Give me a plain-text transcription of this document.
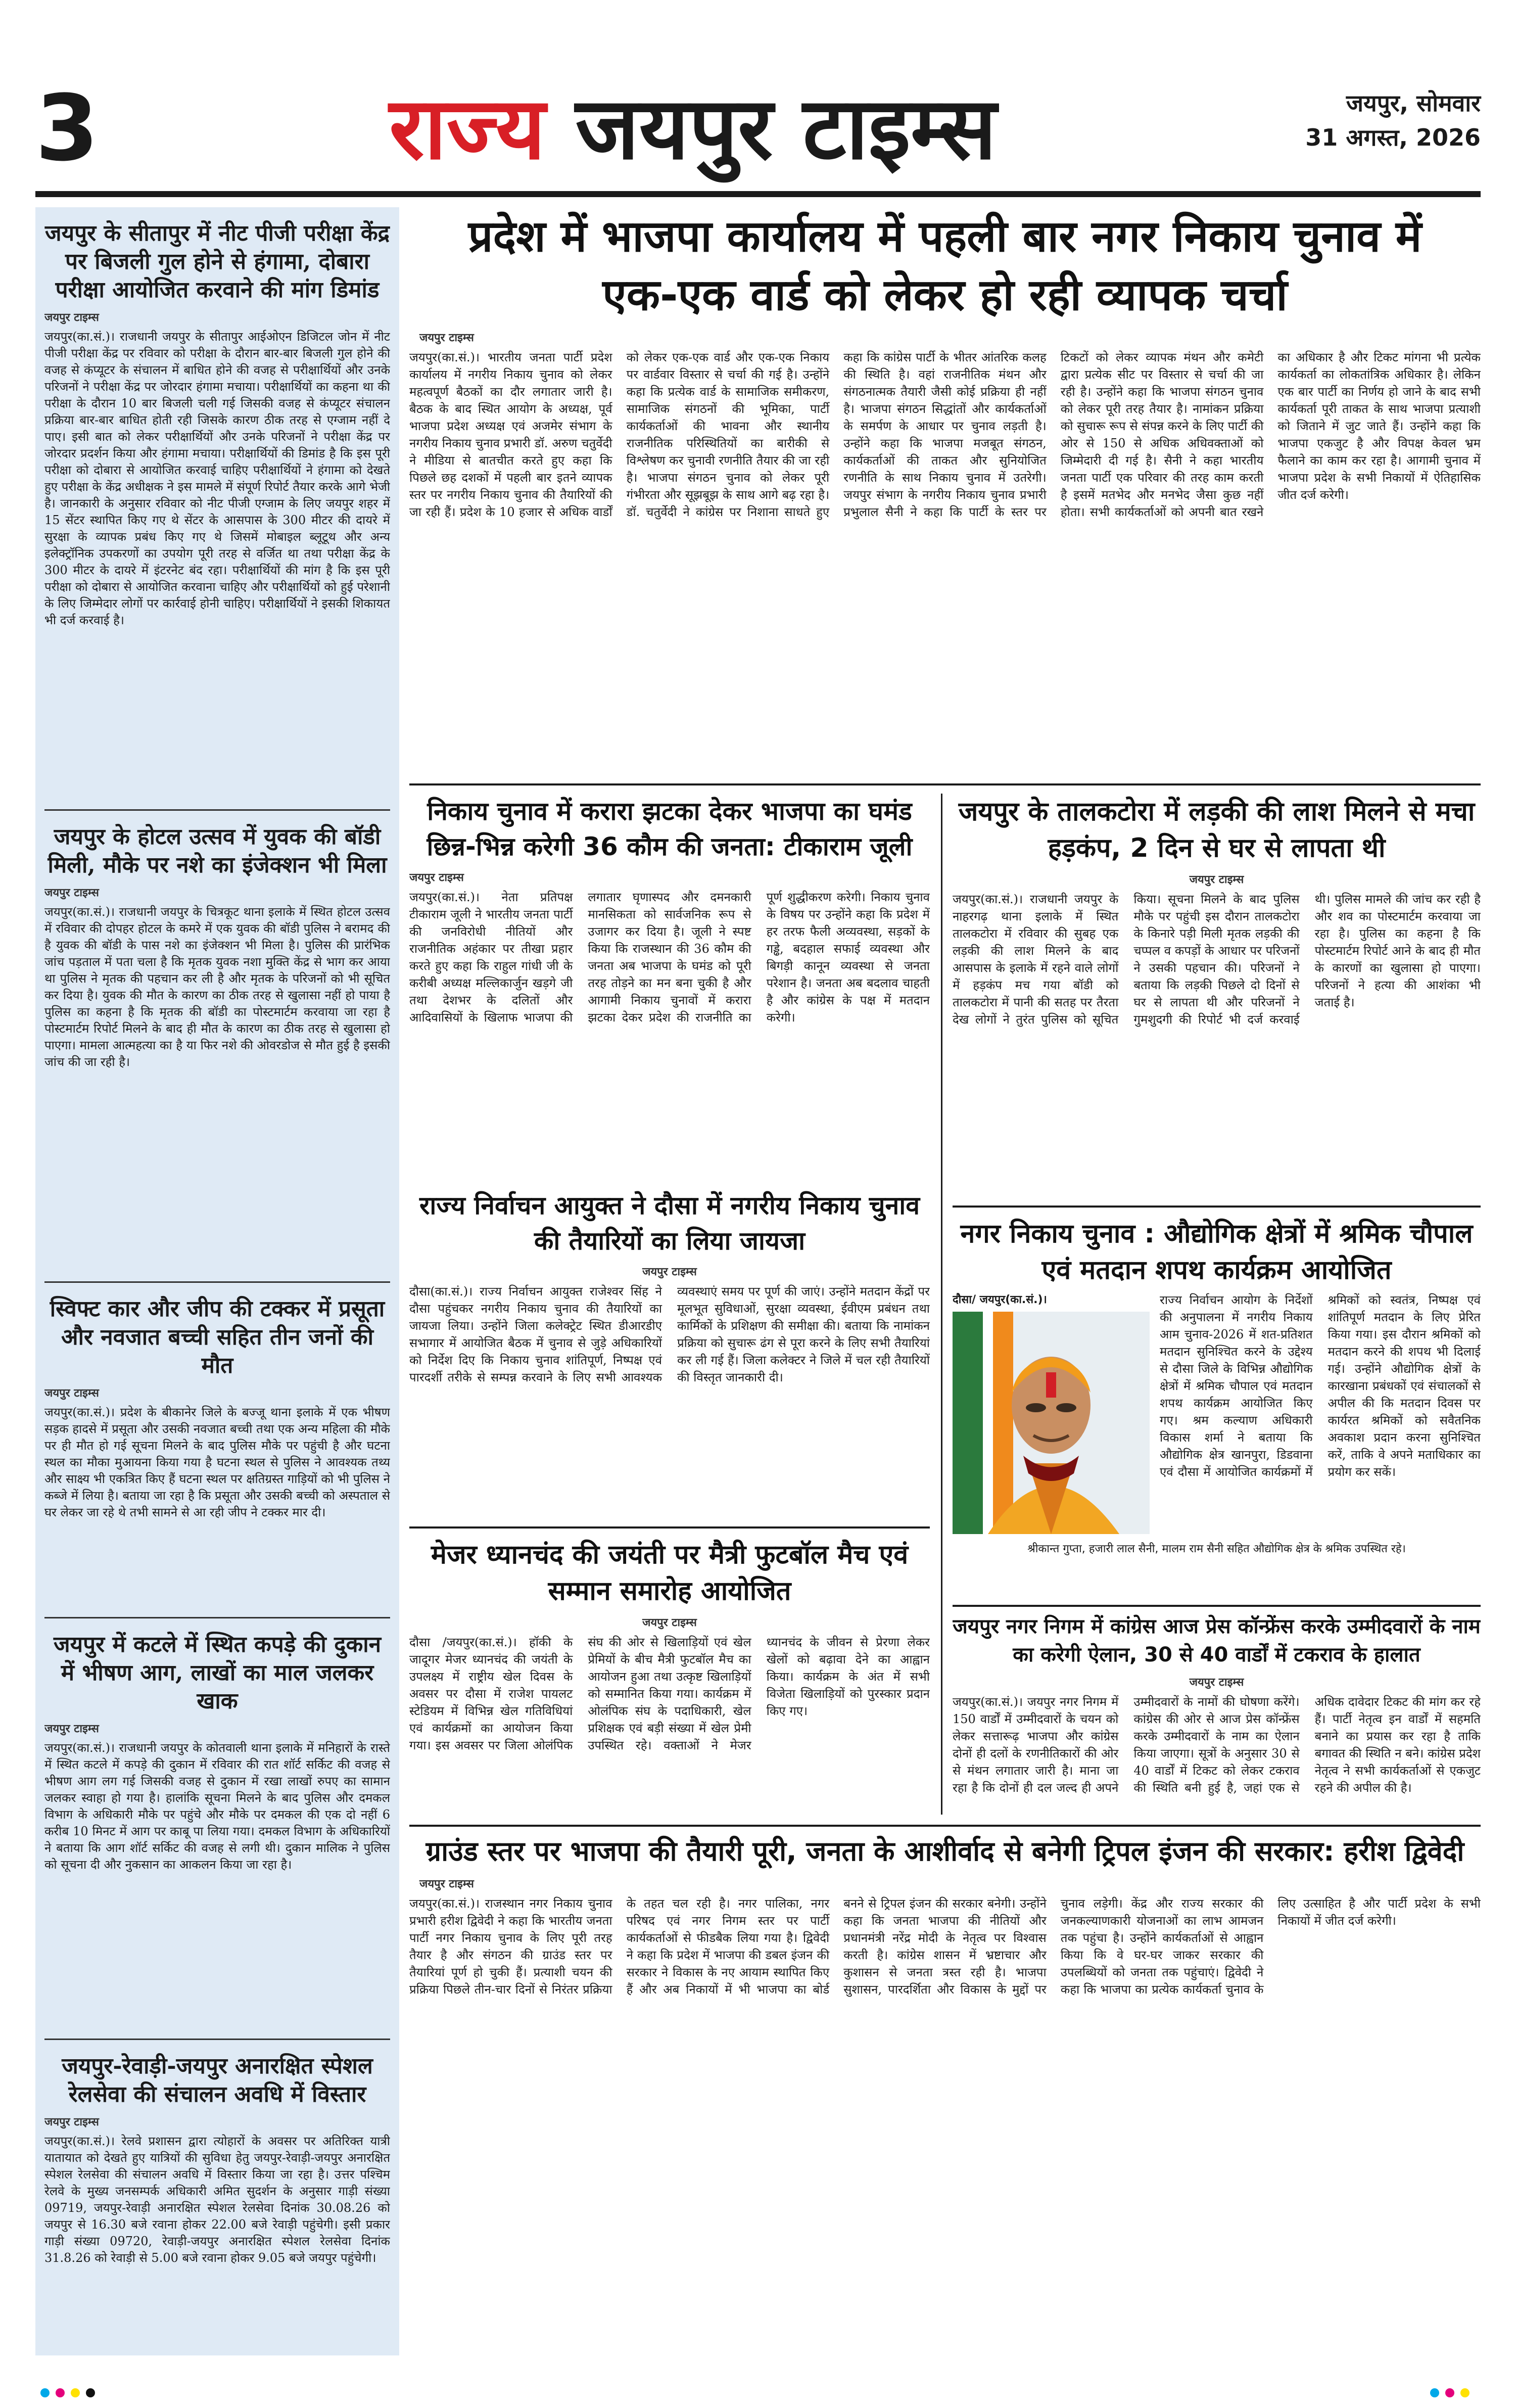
3	राज्य जयपुर टाइम्स	जयपुर, सोमवार
31 अगस्त, 2026
जयपुर के सीतापुर में नीट पीजी परीक्षा केंद्र पर बिजली गुल होने से हंगामा, दोबारा परीक्षा आयोजित करवाने की मांग डिमांड
जयपुर टाइम्स
जयपुर(का.सं.)। राजधानी जयपुर के सीतापुर आईओएन डिजिटल जोन में नीट पीजी परीक्षा केंद्र पर रविवार को परीक्षा के दौरान बार-बार बिजली गुल होने की वजह से कंप्यूटर के संचालन में बाधित होने की वजह से परीक्षार्थियों और उनके परिजनों ने परीक्षा केंद्र पर जोरदार हंगामा मचाया। परीक्षार्थियों का कहना था की परीक्षा के दौरान 10 बार बिजली चली गई जिसकी वजह से कंप्यूटर संचालन प्रक्रिया बार-बार बाधित होती रही जिसके कारण ठीक तरह से एग्जाम नहीं दे पाए। इसी बात को लेकर परीक्षार्थियों और उनके परिजनों ने परीक्षा केंद्र पर जोरदार प्रदर्शन किया और हंगामा मचाया। परीक्षार्थियों की डिमांड है कि इस पूरी परीक्षा को दोबारा से आयोजित करवाई चाहिए परीक्षार्थियों ने हंगामा को देखते हुए परीक्षा के केंद्र अधीक्षक ने इस मामले में संपूर्ण रिपोर्ट तैयार करके आगे भेजी है। जानकारी के अनुसार रविवार को नीट पीजी एग्जाम के लिए जयपुर शहर में 15 सेंटर स्थापित किए गए थे सेंटर के आसपास के 300 मीटर की दायरे में सुरक्षा के व्यापक प्रबंध किए गए थे जिसमें मोबाइल ब्लूटूथ और अन्य इलेक्ट्रॉनिक उपकरणों का उपयोग पूरी तरह से वर्जित था तथा परीक्षा केंद्र के 300 मीटर के दायरे में इंटरनेट बंद रहा। परीक्षार्थियों की मांग है कि इस पूरी परीक्षा को दोबारा से आयोजित करवाना चाहिए और परीक्षार्थियों को हुई परेशानी के लिए जिम्मेदार लोगों पर कार्रवाई होनी चाहिए। परीक्षार्थियों ने इसकी शिकायत भी दर्ज करवाई है।
जयपुर के होटल उत्सव में युवक की बॉडी मिली, मौके पर नशे का इंजेक्शन भी मिला
जयपुर टाइम्स
जयपुर(का.सं.)। राजधानी जयपुर के चित्रकूट थाना इलाके में स्थित होटल उत्सव में रविवार की दोपहर होटल के कमरे में एक युवक की बॉडी पुलिस ने बरामद की है युवक की बॉडी के पास नशे का इंजेक्शन भी मिला है। पुलिस की प्रारंभिक जांच पड़ताल में पता चला है कि मृतक युवक नशा मुक्ति केंद्र से भाग कर आया था पुलिस ने मृतक की पहचान कर ली है और मृतक के परिजनों को भी सूचित कर दिया है। युवक की मौत के कारण का ठीक तरह से खुलासा नहीं हो पाया है पुलिस का कहना है कि मृतक की बॉडी का पोस्टमार्टम करवाया जा रहा है पोस्टमार्टम रिपोर्ट मिलने के बाद ही मौत के कारण का ठीक तरह से खुलासा हो पाएगा। मामला आत्महत्या का है या फिर नशे की ओवरडोज से मौत हुई है इसकी जांच की जा रही है।
स्विफ्ट कार और जीप की टक्कर में प्रसूता और नवजात बच्ची सहित तीन जनों की मौत
जयपुर टाइम्स
जयपुर(का.सं.)। प्रदेश के बीकानेर जिले के बज्जू थाना इलाके में एक भीषण सड़क हादसे में प्रसूता और उसकी नवजात बच्ची तथा एक अन्य महिला की मौके पर ही मौत हो गई सूचना मिलने के बाद पुलिस मौके पर पहुंची है और घटना स्थल का मौका मुआयना किया गया है घटना स्थल से पुलिस ने आवश्यक तथ्य और साक्ष्य भी एकत्रित किए हैं घटना स्थल पर क्षतिग्रस्त गाड़ियों को भी पुलिस ने कब्जे में लिया है। बताया जा रहा है कि प्रसूता और उसकी बच्ची को अस्पताल से घर लेकर जा रहे थे तभी सामने से आ रही जीप ने टक्कर मार दी।
जयपुर में कटले में स्थित कपड़े की दुकान में भीषण आग, लाखों का माल जलकर खाक
जयपुर टाइम्स
जयपुर(का.सं.)। राजधानी जयपुर के कोतवाली थाना इलाके में मनिहारों के रास्ते में स्थित कटले में कपड़े की दुकान में रविवार की रात शॉर्ट सर्किट की वजह से भीषण आग लग गई जिसकी वजह से दुकान में रखा लाखों रुपए का सामान जलकर स्वाहा हो गया है। हालांकि सूचना मिलने के बाद पुलिस और दमकल विभाग के अधिकारी मौके पर पहुंचे और मौके पर दमकल की एक दो नहीं 6 करीब 10 मिनट में आग पर काबू पा लिया गया। दमकल विभाग के अधिकारियों ने बताया कि आग शॉर्ट सर्किट की वजह से लगी थी। दुकान मालिक ने पुलिस को सूचना दी और नुकसान का आकलन किया जा रहा है।
जयपुर-रेवाड़ी-जयपुर अनारक्षित स्पेशल रेलसेवा की संचालन अवधि में विस्तार
जयपुर टाइम्स
जयपुर(का.सं.)। रेलवे प्रशासन द्वारा त्योहारों के अवसर पर अतिरिक्त यात्री यातायात को देखते हुए यात्रियों की सुविधा हेतु जयपुर-रेवाड़ी-जयपुर अनारक्षित स्पेशल रेलसेवा की संचालन अवधि में विस्तार किया जा रहा है। उत्तर पश्चिम रेलवे के मुख्य जनसम्पर्क अधिकारी अमित सुदर्शन के अनुसार गाड़ी संख्या 09719, जयपुर-रेवाड़ी अनारक्षित स्पेशल रेलसेवा दिनांक 30.08.26 को जयपुर से 16.30 बजे रवाना होकर 22.00 बजे रेवाड़ी पहुंचेगी। इसी प्रकार गाड़ी संख्या 09720, रेवाड़ी-जयपुर अनारक्षित स्पेशल रेलसेवा दिनांक 31.8.26 को रेवाड़ी से 5.00 बजे रवाना होकर 9.05 बजे जयपुर पहुंचेगी।
प्रदेश में भाजपा कार्यालय में पहली बार नगर निकाय चुनाव में एक-एक वार्ड को लेकर हो रही व्यापक चर्चा
जयपुर टाइम्स
जयपुर(का.सं.)। भारतीय जनता पार्टी प्रदेश कार्यालय में नगरीय निकाय चुनाव को लेकर महत्वपूर्ण बैठकों का दौर लगातार जारी है। बैठक के बाद स्थित आयोग के अध्यक्ष, पूर्व भाजपा प्रदेश अध्यक्ष एवं अजमेर संभाग के नगरीय निकाय चुनाव प्रभारी डॉ. अरुण चतुर्वेदी ने मीडिया से बातचीत करते हुए कहा कि पिछले छह दशकों में पहली बार इतने व्यापक स्तर पर नगरीय निकाय चुनाव की तैयारियों की जा रही हैं। प्रदेश के 10 हजार से अधिक वार्डों को लेकर एक-एक वार्ड और एक-एक निकाय पर वार्डवार विस्तार से चर्चा की गई है। उन्होंने कहा कि प्रत्येक वार्ड के सामाजिक समीकरण, सामाजिक संगठनों की भूमिका, पार्टी कार्यकर्ताओं की भावना और स्थानीय राजनीतिक परिस्थितियों का बारीकी से विश्लेषण कर चुनावी रणनीति तैयार की जा रही है। भाजपा संगठन चुनाव को लेकर पूरी गंभीरता और सूझबूझ के साथ आगे बढ़ रहा है। डॉ. चतुर्वेदी ने कांग्रेस पर निशाना साधते हुए कहा कि कांग्रेस पार्टी के भीतर आंतरिक कलह की स्थिति है। वहां राजनीतिक मंथन और संगठनात्मक तैयारी जैसी कोई प्रक्रिया ही नहीं है। भाजपा संगठन सिद्धांतों और कार्यकर्ताओं के समर्पण के आधार पर चुनाव लड़ती है। उन्होंने कहा कि भाजपा मजबूत संगठन, कार्यकर्ताओं की ताकत और सुनियोजित रणनीति के साथ निकाय चुनाव में उतरेगी। जयपुर संभाग के नगरीय निकाय चुनाव प्रभारी प्रभुलाल सैनी ने कहा कि पार्टी के स्तर पर टिकटों को लेकर व्यापक मंथन और कमेटी द्वारा प्रत्येक सीट पर विस्तार से चर्चा की जा रही है। उन्होंने कहा कि भाजपा संगठन चुनाव को लेकर पूरी तरह तैयार है। नामांकन प्रक्रिया को सुचारू रूप से संपन्न करने के लिए पार्टी की ओर से 150 से अधिक अधिवक्ताओं को जिम्मेदारी दी गई है। सैनी ने कहा भारतीय जनता पार्टी एक परिवार की तरह काम करती है इसमें मतभेद और मनभेद जैसा कुछ नहीं होता। सभी कार्यकर्ताओं को अपनी बात रखने का अधिकार है और टिकट मांगना भी प्रत्येक कार्यकर्ता का लोकतांत्रिक अधिकार है। लेकिन एक बार पार्टी का निर्णय हो जाने के बाद सभी कार्यकर्ता पूरी ताकत के साथ भाजपा प्रत्याशी को जिताने में जुट जाते हैं। उन्होंने कहा कि भाजपा एकजुट है और विपक्ष केवल भ्रम फैलाने का काम कर रहा है। आगामी चुनाव में भाजपा प्रदेश के सभी निकायों में ऐतिहासिक जीत दर्ज करेगी।
निकाय चुनाव में करारा झटका देकर भाजपा का घमंड छिन्न-भिन्न करेगी 36 कौम की जनता: टीकाराम जूली
जयपुर टाइम्स
जयपुर(का.सं.)। नेता प्रतिपक्ष टीकाराम जूली ने भारतीय जनता पार्टी की जनविरोधी नीतियों और राजनीतिक अहंकार पर तीखा प्रहार करते हुए कहा कि राहुल गांधी जी के करीबी अध्यक्ष मल्लिकार्जुन खड़गे जी तथा देशभर के दलितों और आदिवासियों के खिलाफ भाजपा की लगातार घृणास्पद और दमनकारी मानसिकता को सार्वजनिक रूप से उजागर कर दिया है। जूली ने स्पष्ट किया कि राजस्थान की 36 कौम की जनता अब भाजपा के घमंड को पूरी तरह तोड़ने का मन बना चुकी है और आगामी निकाय चुनावों में करारा झटका देकर प्रदेश की राजनीति का पूर्ण शुद्धीकरण करेगी। निकाय चुनाव के विषय पर उन्होंने कहा कि प्रदेश में हर तरफ फैली अव्यवस्था, सड़कों के गड्ढे, बदहाल सफाई व्यवस्था और बिगड़ी कानून व्यवस्था से जनता परेशान है। जनता अब बदलाव चाहती है और कांग्रेस के पक्ष में मतदान करेगी।
जयपुर के तालकटोरा में लड़की की लाश मिलने से मचा हड़कंप, 2 दिन से घर से लापता थी
जयपुर टाइम्स
जयपुर(का.सं.)। राजधानी जयपुर के नाहरगढ़ थाना इलाके में स्थित तालकटोरा में रविवार की सुबह एक लड़की की लाश मिलने के बाद आसपास के इलाके में रहने वाले लोगों में हड़कंप मच गया बॉडी को तालकटोरा में पानी की सतह पर तैरता देख लोगों ने तुरंत पुलिस को सूचित किया। सूचना मिलने के बाद पुलिस मौके पर पहुंची इस दौरान तालकटोरा के किनारे पड़ी मिली मृतक लड़की की चप्पल व कपड़ों के आधार पर परिजनों ने उसकी पहचान की। परिजनों ने बताया कि लड़की पिछले दो दिनों से घर से लापता थी और परिजनों ने गुमशुदगी की रिपोर्ट भी दर्ज करवाई थी। पुलिस मामले की जांच कर रही है और शव का पोस्टमार्टम करवाया जा रहा है। पुलिस का कहना है कि पोस्टमार्टम रिपोर्ट आने के बाद ही मौत के कारणों का खुलासा हो पाएगा। परिजनों ने हत्या की आशंका भी जताई है।
राज्य निर्वाचन आयुक्त ने दौसा में नगरीय निकाय चुनाव की तैयारियों का लिया जायजा
जयपुर टाइम्स
दौसा(का.सं.)। राज्य निर्वाचन आयुक्त राजेश्वर सिंह ने दौसा पहुंचकर नगरीय निकाय चुनाव की तैयारियों का जायजा लिया। उन्होंने जिला कलेक्ट्रेट स्थित डीआरडीए सभागार में आयोजित बैठक में चुनाव से जुड़े अधिकारियों को निर्देश दिए कि निकाय चुनाव शांतिपूर्ण, निष्पक्ष एवं पारदर्शी तरीके से सम्पन्न करवाने के लिए सभी आवश्यक व्यवस्थाएं समय पर पूर्ण की जाएं। उन्होंने मतदान केंद्रों पर मूलभूत सुविधाओं, सुरक्षा व्यवस्था, ईवीएम प्रबंधन तथा कार्मिकों के प्रशिक्षण की समीक्षा की। बताया कि नामांकन प्रक्रिया को सुचारू ढंग से पूरा करने के लिए सभी तैयारियां कर ली गई हैं। जिला कलेक्टर ने जिले में चल रही तैयारियों की विस्तृत जानकारी दी।
नगर निकाय चुनाव : औद्योगिक क्षेत्रों में श्रमिक चौपाल एवं मतदान शपथ कार्यक्रम आयोजित
दौसा/ जयपुर(का.सं.)।
श्रीकान्त गुप्ता, हजारी लाल सैनी, मालम राम सैनी सहित औद्योगिक क्षेत्र के श्रमिक उपस्थित रहे।
राज्य निर्वाचन आयोग के निर्देशों की अनुपालना में नगरीय निकाय आम चुनाव-2026 में शत-प्रतिशत मतदान सुनिश्चित करने के उद्देश्य से दौसा जिले के विभिन्न औद्योगिक क्षेत्रों में श्रमिक चौपाल एवं मतदान शपथ कार्यक्रम आयोजित किए गए। श्रम कल्याण अधिकारी विकास शर्मा ने बताया कि औद्योगिक क्षेत्र खानपुरा, डिडवाना एवं दौसा में आयोजित कार्यक्रमों में श्रमिकों को स्वतंत्र, निष्पक्ष एवं शांतिपूर्ण मतदान के लिए प्रेरित किया गया। इस दौरान श्रमिकों को मतदान करने की शपथ भी दिलाई गई। उन्होंने औद्योगिक क्षेत्रों के कारखाना प्रबंधकों एवं संचालकों से अपील की कि मतदान दिवस पर कार्यरत श्रमिकों को सवैतनिक अवकाश प्रदान करना सुनिश्चित करें, ताकि वे अपने मताधिकार का प्रयोग कर सकें।
मेजर ध्यानचंद की जयंती पर मैत्री फुटबॉल मैच एवं सम्मान समारोह आयोजित
जयपुर टाइम्स
दौसा /जयपुर(का.सं.)। हॉकी के जादूगर मेजर ध्यानचंद की जयंती के उपलक्ष्य में राष्ट्रीय खेल दिवस के अवसर पर दौसा में राजेश पायलट स्टेडियम में विभिन्न खेल गतिविधियां एवं कार्यक्रमों का आयोजन किया गया। इस अवसर पर जिला ओलंपिक संघ की ओर से खिलाड़ियों एवं खेल प्रेमियों के बीच मैत्री फुटबॉल मैच का आयोजन हुआ तथा उत्कृष्ट खिलाड़ियों को सम्मानित किया गया। कार्यक्रम में ओलंपिक संघ के पदाधिकारी, खेल प्रशिक्षक एवं बड़ी संख्या में खेल प्रेमी उपस्थित रहे। वक्ताओं ने मेजर ध्यानचंद के जीवन से प्रेरणा लेकर खेलों को बढ़ावा देने का आह्वान किया। कार्यक्रम के अंत में सभी विजेता खिलाड़ियों को पुरस्कार प्रदान किए गए।
जयपुर नगर निगम में कांग्रेस आज प्रेस कॉन्फ्रेंस करके उम्मीदवारों के नाम का करेगी ऐलान, 30 से 40 वार्डों में टकराव के हालात
जयपुर टाइम्स
जयपुर(का.सं.)। जयपुर नगर निगम में 150 वार्डों में उम्मीदवारों के चयन को लेकर सत्तारूढ़ भाजपा और कांग्रेस दोनों ही दलों के रणनीतिकारों की ओर से मंथन लगातार जारी है। माना जा रहा है कि दोनों ही दल जल्द ही अपने उम्मीदवारों के नामों की घोषणा करेंगे। कांग्रेस की ओर से आज प्रेस कॉन्फ्रेंस करके उम्मीदवारों के नाम का ऐलान किया जाएगा। सूत्रों के अनुसार 30 से 40 वार्डों में टिकट को लेकर टकराव की स्थिति बनी हुई है, जहां एक से अधिक दावेदार टिकट की मांग कर रहे हैं। पार्टी नेतृत्व इन वार्डों में सहमति बनाने का प्रयास कर रहा है ताकि बगावत की स्थिति न बने। कांग्रेस प्रदेश नेतृत्व ने सभी कार्यकर्ताओं से एकजुट रहने की अपील की है।
ग्राउंड स्तर पर भाजपा की तैयारी पूरी, जनता के आशीर्वाद से बनेगी ट्रिपल इंजन की सरकार: हरीश द्विवेदी
जयपुर टाइम्स
जयपुर(का.सं.)। राजस्थान नगर निकाय चुनाव प्रभारी हरीश द्विवेदी ने कहा कि भारतीय जनता पार्टी नगर निकाय चुनाव के लिए पूरी तरह तैयार है और संगठन की ग्राउंड स्तर पर तैयारियां पूर्ण हो चुकी हैं। प्रत्याशी चयन की प्रक्रिया पिछले तीन-चार दिनों से निरंतर प्रक्रिया के तहत चल रही है। नगर पालिका, नगर परिषद एवं नगर निगम स्तर पर पार्टी कार्यकर्ताओं से फीडबैक लिया गया है। द्विवेदी ने कहा कि प्रदेश में भाजपा की डबल इंजन की सरकार ने विकास के नए आयाम स्थापित किए हैं और अब निकायों में भी भाजपा का बोर्ड बनने से ट्रिपल इंजन की सरकार बनेगी। उन्होंने कहा कि जनता भाजपा की नीतियों और प्रधानमंत्री नरेंद्र मोदी के नेतृत्व पर विश्वास करती है। कांग्रेस शासन में भ्रष्टाचार और कुशासन से जनता त्रस्त रही है। भाजपा सुशासन, पारदर्शिता और विकास के मुद्दों पर चुनाव लड़ेगी। केंद्र और राज्य सरकार की जनकल्याणकारी योजनाओं का लाभ आमजन तक पहुंचा है। उन्होंने कार्यकर्ताओं से आह्वान किया कि वे घर-घर जाकर सरकार की उपलब्धियों को जनता तक पहुंचाएं। द्विवेदी ने कहा कि भाजपा का प्रत्येक कार्यकर्ता चुनाव के लिए उत्साहित है और पार्टी प्रदेश के सभी निकायों में जीत दर्ज करेगी।
